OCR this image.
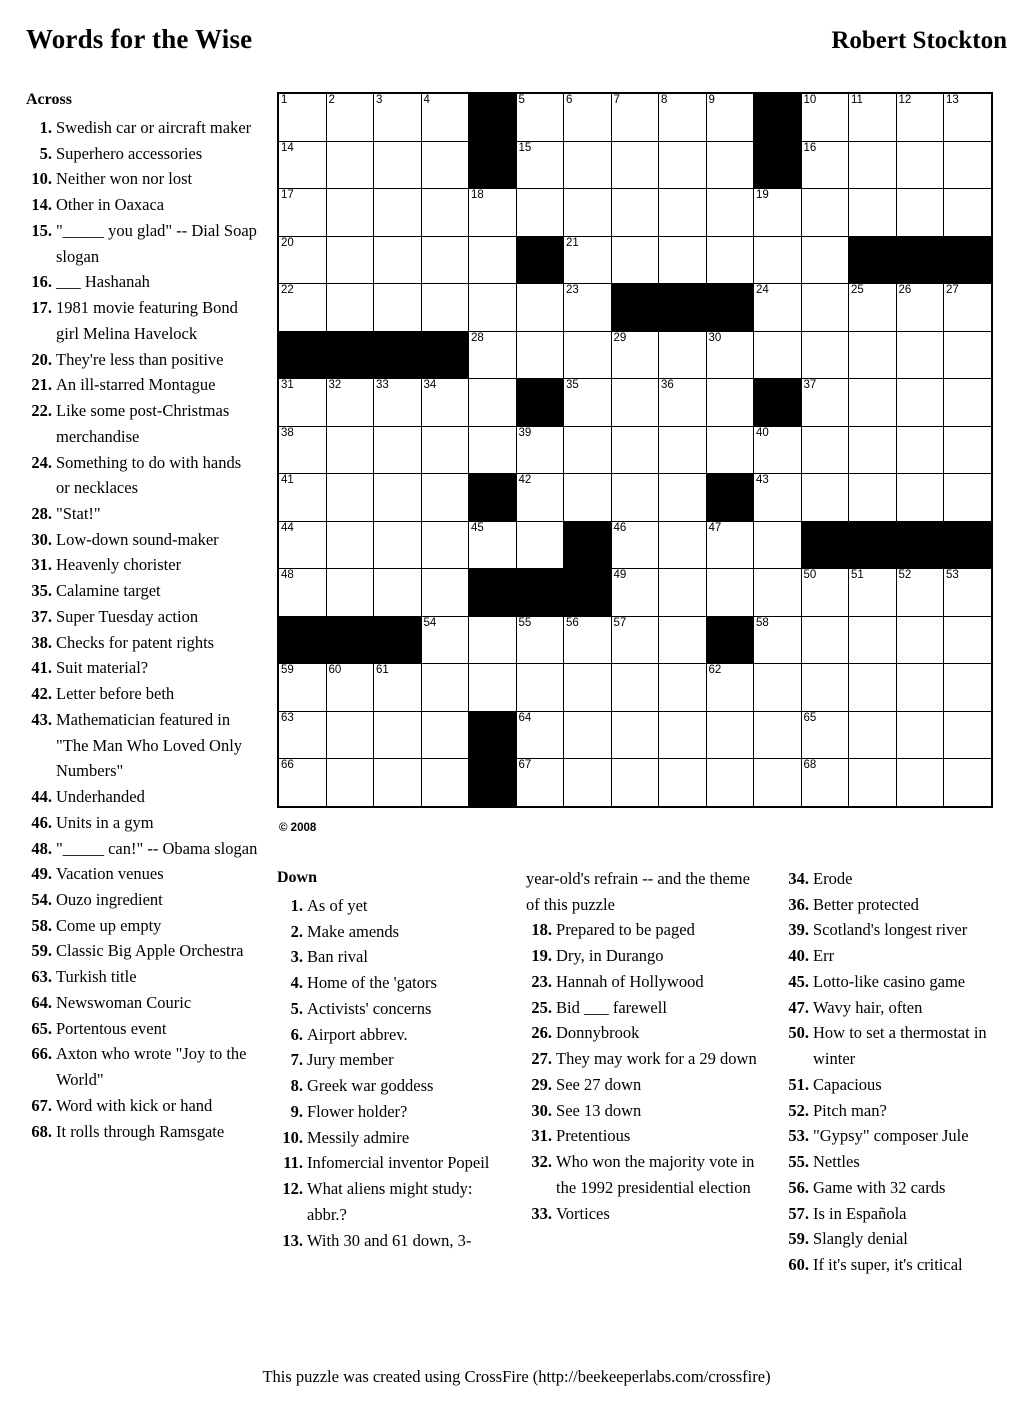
Words for the Wise	Robert Stockton
Across
1. Swedish car or aircraft maker
5. Superhero accessories
10. Neither won nor lost
14. Other in Oaxaca
15. "_____ you glad" -- Dial Soap slogan
16. ___ Hashanah
17. 1981 movie featuring Bond girl Melina Havelock
20. They're less than positive
21. An ill-starred Montague
22. Like some post-Christmas merchandise
24. Something to do with hands or necklaces
28. "Stat!"
30. Low-down sound-maker
31. Heavenly chorister
35. Calamine target
37. Super Tuesday action
38. Checks for patent rights
41. Suit material?
42. Letter before beth
43. Mathematician featured in "The Man Who Loved Only Numbers"
44. Underhanded
46. Units in a gym
48. "_____ can!" -- Obama slogan
49. Vacation venues
54. Ouzo ingredient
58. Come up empty
59. Classic Big Apple Orchestra
63. Turkish title
64. Newswoman Couric
65. Portentous event
66. Axton who wrote "Joy to the World"
67. Word with kick or hand
68. It rolls through Ramsgate
1	2	3	4		5	6	7	8	9		10	11	12	13

14					15						16			

17				18						19				

20						21								

22						23				24		25	26	27

				28			29		30					

31	32	33	34			35		36			37			

38					39					40				

41					42					43				

44				45			46		47					

48							49				50	51	52	53

			54		55	56	57			58				

59	60	61							62					

63					64						65			

66					67						68			

© 2008
Down
1. As of yet
2. Make amends
3. Ban rival
4. Home of the 'gators
5. Activists' concerns
6. Airport abbrev.
7. Jury member
8. Greek war goddess
9. Flower holder?
10. Messily admire
11. Infomercial inventor Popeil
12. What aliens might study: abbr.?
13. With 30 and 61 down, 3-
year-old's refrain -- and the theme of this puzzle
18. Prepared to be paged
19. Dry, in Durango
23. Hannah of Hollywood
25. Bid ___ farewell
26. Donnybrook
27. They may work for a 29 down
29. See 27 down
30. See 13 down
31. Pretentious
32. Who won the majority vote in the 1992 presidential election
33. Vortices
34. Erode
36. Better protected
39. Scotland's longest river
40. Err
45. Lotto-like casino game
47. Wavy hair, often
50. How to set a thermostat in winter
51. Capacious
52. Pitch man?
53. "Gypsy" composer Jule
55. Nettles
56. Game with 32 cards
57. Is in Española
59. Slangly denial
60. If it's super, it's critical
This puzzle was created using CrossFire (http://beekeeperlabs.com/crossfire)
